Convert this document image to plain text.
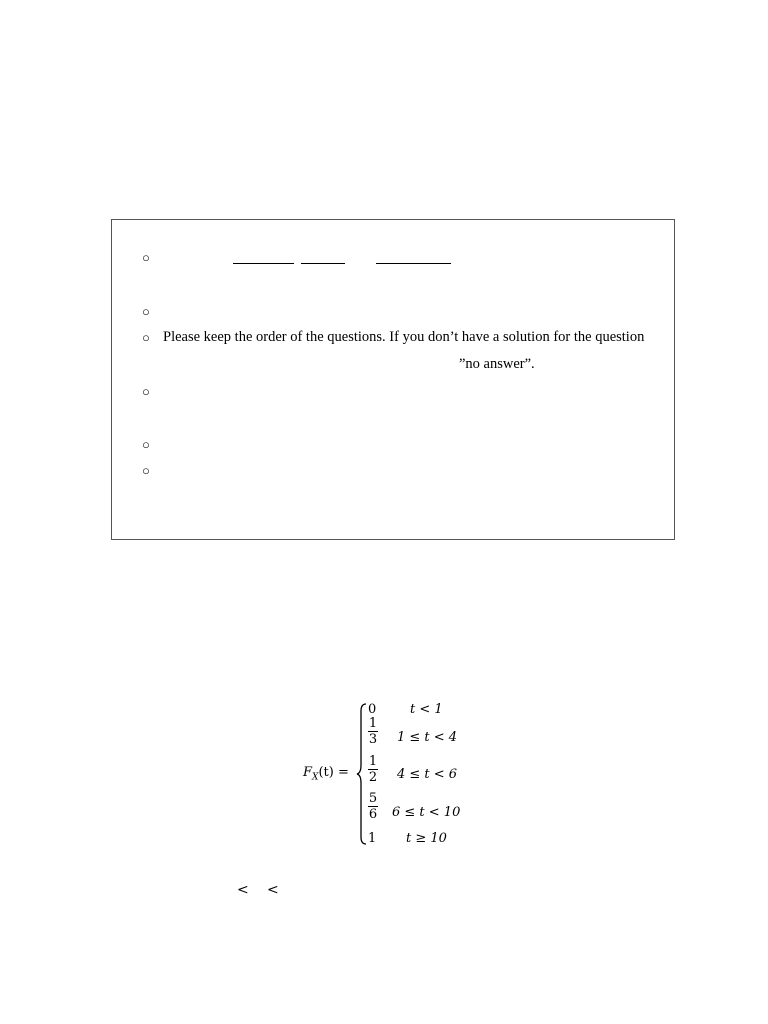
○
○
○ Please keep the order of the questions. If you don’t have a solution for the question
”no answer”.
○
○
○
$F_X(t)$ =
0	t < 1
1
3 1 ≤ t < 4
1
2 4 ≤ t < 6
5
6 6 ≤ t < 10
1 t ≥ 10
< <
